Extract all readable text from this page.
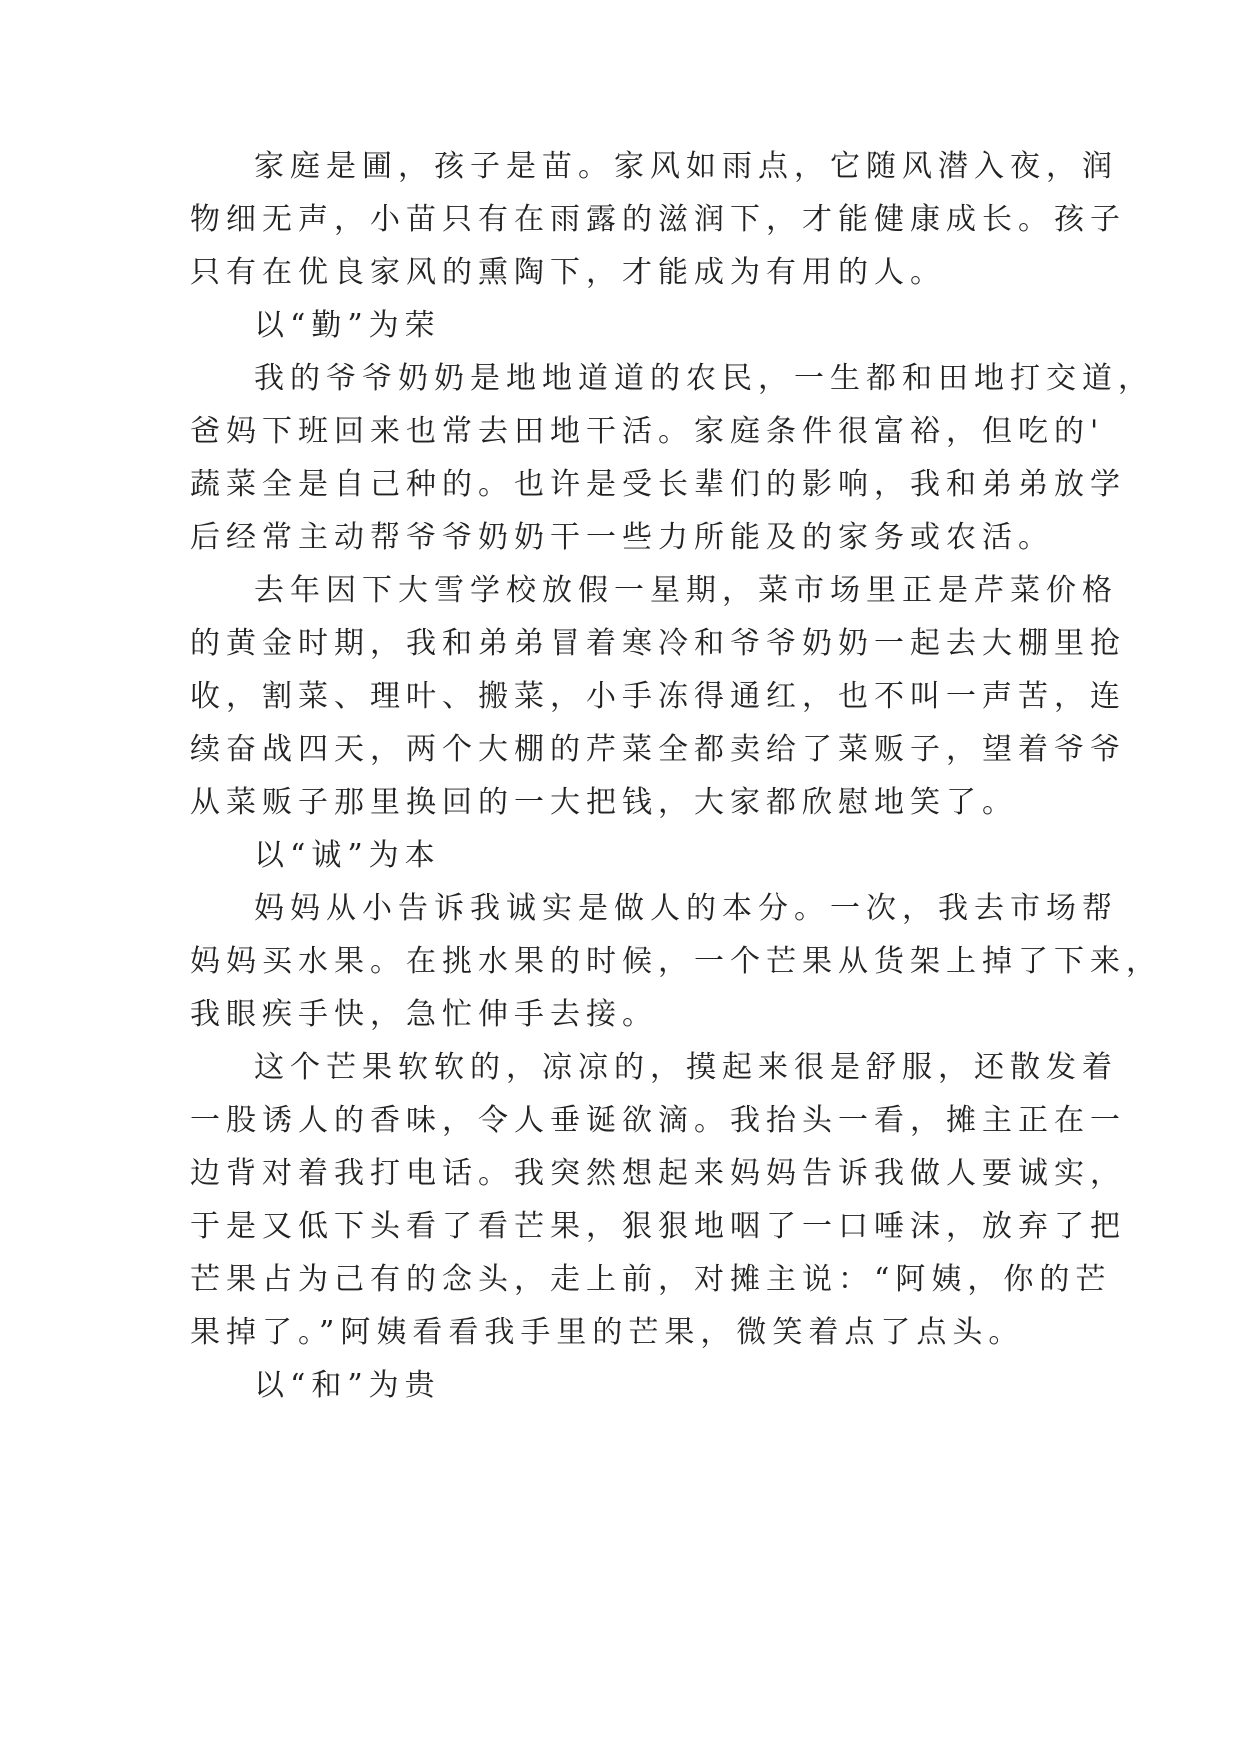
家庭是圃，孩子是苗。家风如雨点，它随风潜入夜，润
物细无声，小苗只有在雨露的滋润下，才能健康成长。孩子
只有在优良家风的熏陶下，才能成为有用的人。
以“勤”为荣
我的爷爷奶奶是地地道道的农民，一生都和田地打交道，
爸妈下班回来也常去田地干活。家庭条件很富裕，但吃的'
蔬菜全是自己种的。也许是受长辈们的影响，我和弟弟放学
后经常主动帮爷爷奶奶干一些力所能及的家务或农活。
去年因下大雪学校放假一星期，菜市场里正是芹菜价格
的黄金时期，我和弟弟冒着寒冷和爷爷奶奶一起去大棚里抢
收，割菜、理叶、搬菜，小手冻得通红，也不叫一声苦，连
续奋战四天，两个大棚的芹菜全都卖给了菜贩子，望着爷爷
从菜贩子那里换回的一大把钱，大家都欣慰地笑了。
以“诚”为本
妈妈从小告诉我诚实是做人的本分。一次，我去市场帮
妈妈买水果。在挑水果的时候，一个芒果从货架上掉了下来，
我眼疾手快，急忙伸手去接。
这个芒果软软的，凉凉的，摸起来很是舒服，还散发着
一股诱人的香味，令人垂诞欲滴。我抬头一看，摊主正在一
边背对着我打电话。我突然想起来妈妈告诉我做人要诚实，
于是又低下头看了看芒果，狠狠地咽了一口唾沫，放弃了把
芒果占为己有的念头，走上前，对摊主说：“阿姨，你的芒
果掉了。”阿姨看看我手里的芒果，微笑着点了点头。
以“和”为贵
